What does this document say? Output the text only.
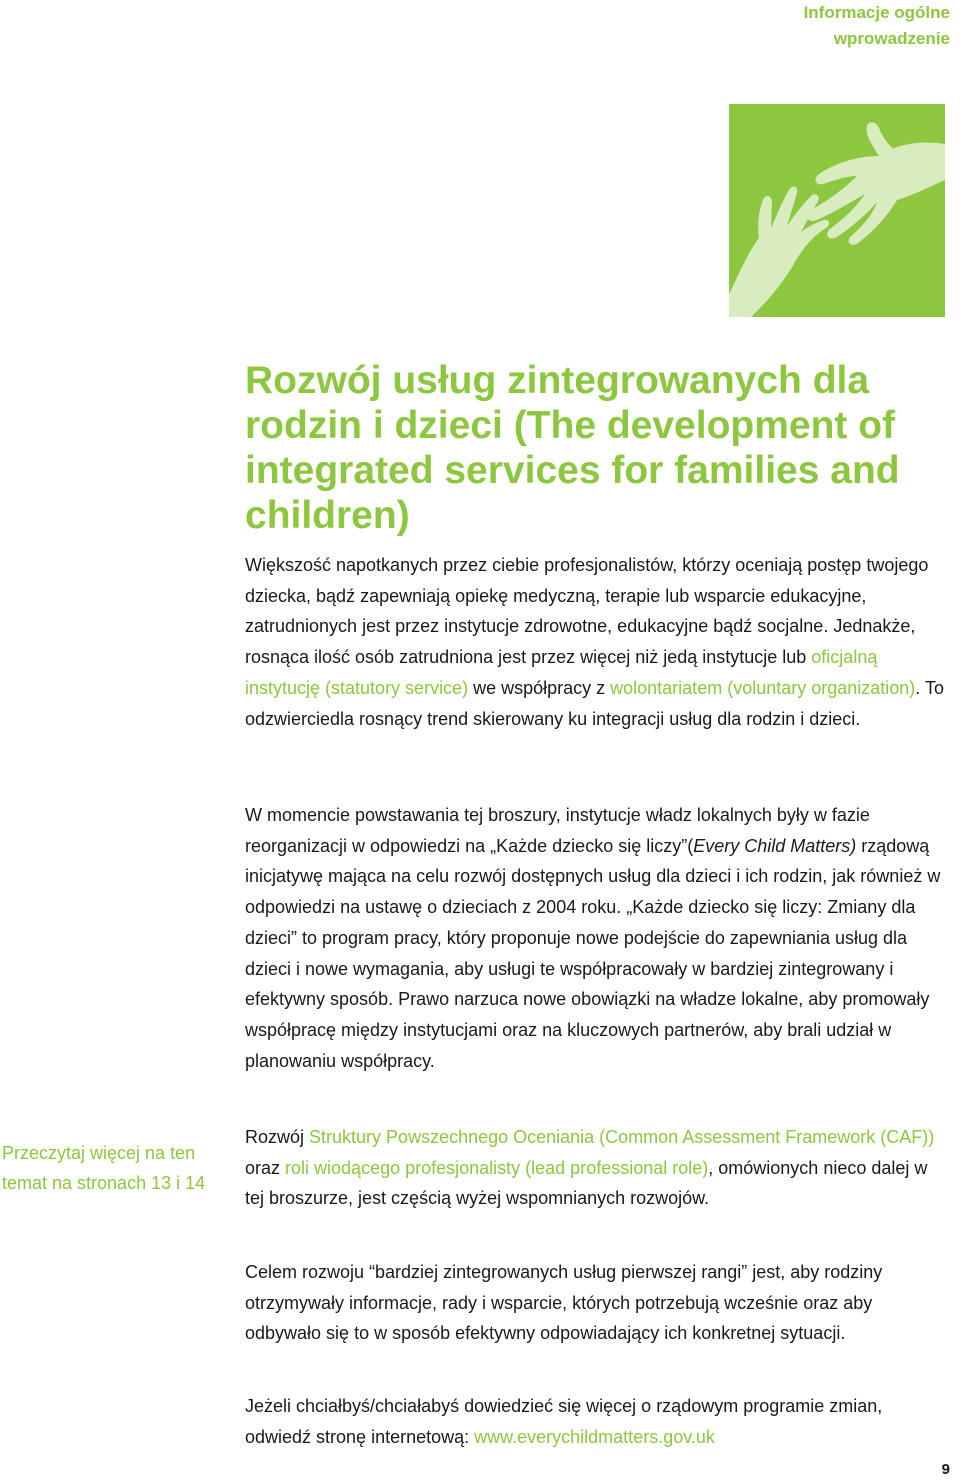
Informacje ogólne
wprowadzenie
Rozwój usług zintegrowanych dla rodzin i dzieci (The development of integrated services for families and children)

Większość napotkanych przez ciebie profesjonalistów, którzy oceniają postęp twojego dziecka, bądź zapewniają opiekę medyczną, terapie lub wsparcie edukacyjne, zatrudnionych jest przez instytucje zdrowotne, edukacyjne bądź socjalne. Jednakże, rosnąca ilość osób zatrudniona jest przez więcej niż jedą instytucje lub oficjalną instytucję (statutory service) we współpracy z wolontariatem (voluntary organization). To odzwierciedla rosnący trend skierowany ku integracji usług dla rodzin i dzieci.

W momencie powstawania tej broszury, instytucje władz lokalnych były w fazie reorganizacji w odpowiedzi na „Każde dziecko się liczy”(Every Child Matters) rządową inicjatywę mająca na celu rozwój dostępnych usług dla dzieci i ich rodzin, jak również w odpowiedzi na ustawę o dzieciach z 2004 roku. „Każde dziecko się liczy: Zmiany dla dzieci” to program pracy, który proponuje nowe podejście do zapewniania usług dla dzieci i nowe wymagania, aby usługi te współpracowały w bardziej zintegrowany i efektywny sposób. Prawo narzuca nowe obowiązki na władze lokalne, aby promowały współpracę między instytucjami oraz na kluczowych partnerów, aby brali udział w planowaniu współpracy.

Rozwój Struktury Powszechnego Oceniania (Common Assessment Framework (CAF)) oraz roli wiodącego profesjonalisty (lead professional role), omówionych nieco dalej w tej broszurze, jest częścią wyżej wspomnianych rozwojów.

Celem rozwoju “bardziej zintegrowanych usług pierwszej rangi” jest, aby rodziny otrzymywały informacje, rady i wsparcie, których potrzebują wcześnie oraz aby odbywało się to w sposób efektywny odpowiadający ich konkretnej sytuacji.

Jeżeli chciałbyś/chciałabyś dowiedzieć się więcej o rządowym programie zmian, odwiedź stronę internetową: www.everychildmatters.gov.uk

Przeczytaj więcej na ten temat na stronach 13 i 14
9
